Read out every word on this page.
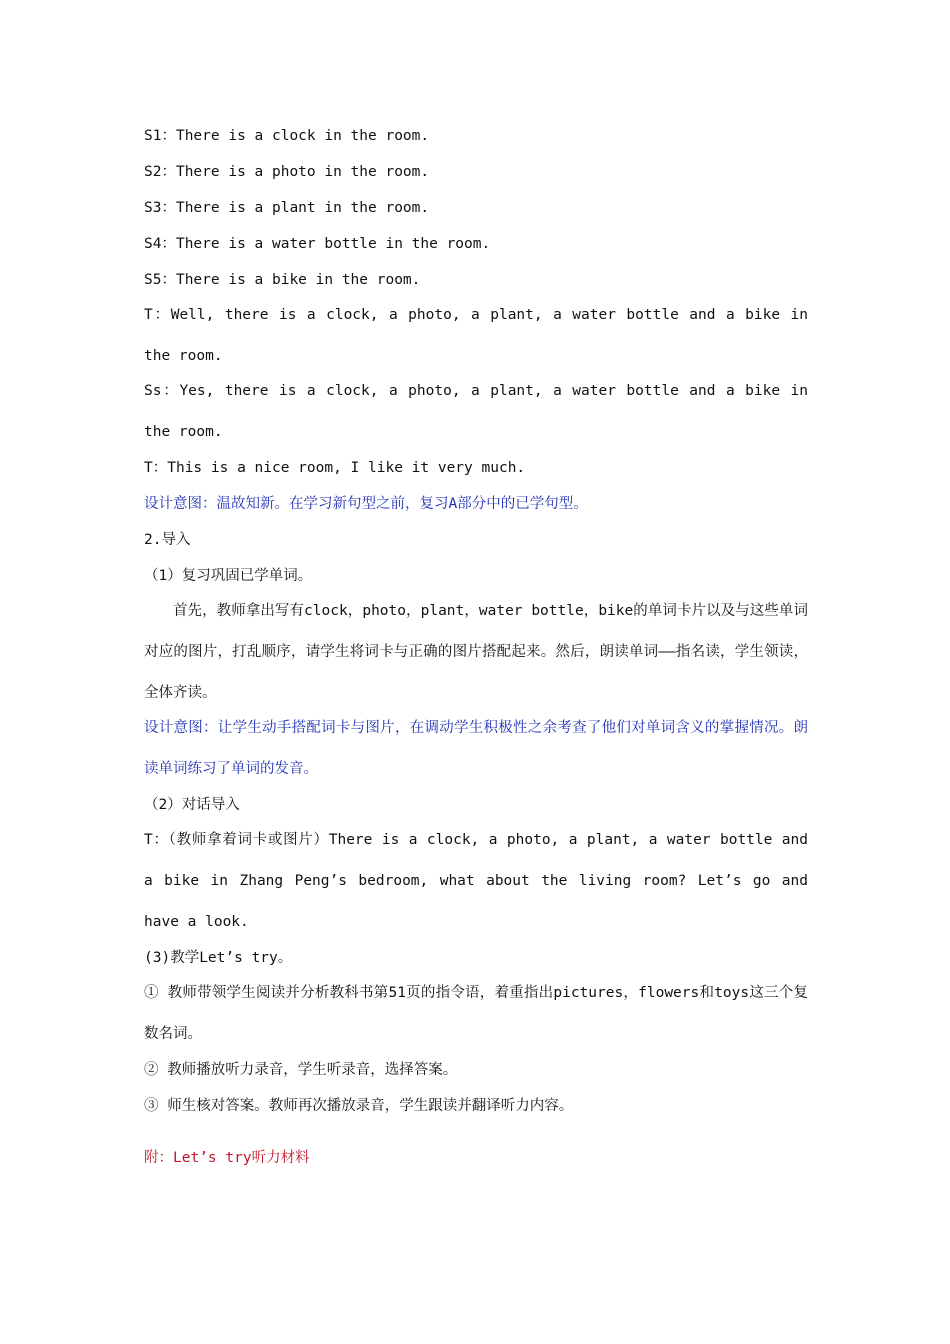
S1：There is a clock in the room.
S2：There is a photo in the room.
S3：There is a plant in the room.
S4：There is a water bottle in the room.
S5：There is a bike in the room.
T：Well, there is a clock, a photo, a plant, a water bottle and a bike in the room.
Ss：Yes, there is a clock, a photo, a plant, a water bottle and a bike in the room.
T：This is a nice room, I like it very much.
设计意图：温故知新。在学习新句型之前，复习A部分中的已学句型。
2.导入
（1）复习巩固已学单词。
首先，教师拿出写有clock，photo，plant，water bottle，bike的单词卡片以及与这些单词对应的图片，打乱顺序，请学生将词卡与正确的图片搭配起来。然后，朗读单词——指名读，学生领读，全体齐读。
设计意图：让学生动手搭配词卡与图片，在调动学生积极性之余考查了他们对单词含义的掌握情况。朗读单词练习了单词的发音。
（2）对话导入
T：（教师拿着词卡或图片）There is a clock, a photo, a plant, a water bottle and a bike in Zhang Peng’s bedroom, what about the living room? Let’s go and have a look.
(3)教学Let’s try。
① 教师带领学生阅读并分析教科书第51页的指令语，着重指出pictures，flowers和toys这三个复数名词。
② 教师播放听力录音，学生听录音，选择答案。
③ 师生核对答案。教师再次播放录音，学生跟读并翻译听力内容。
附：Let’s try听力材料
